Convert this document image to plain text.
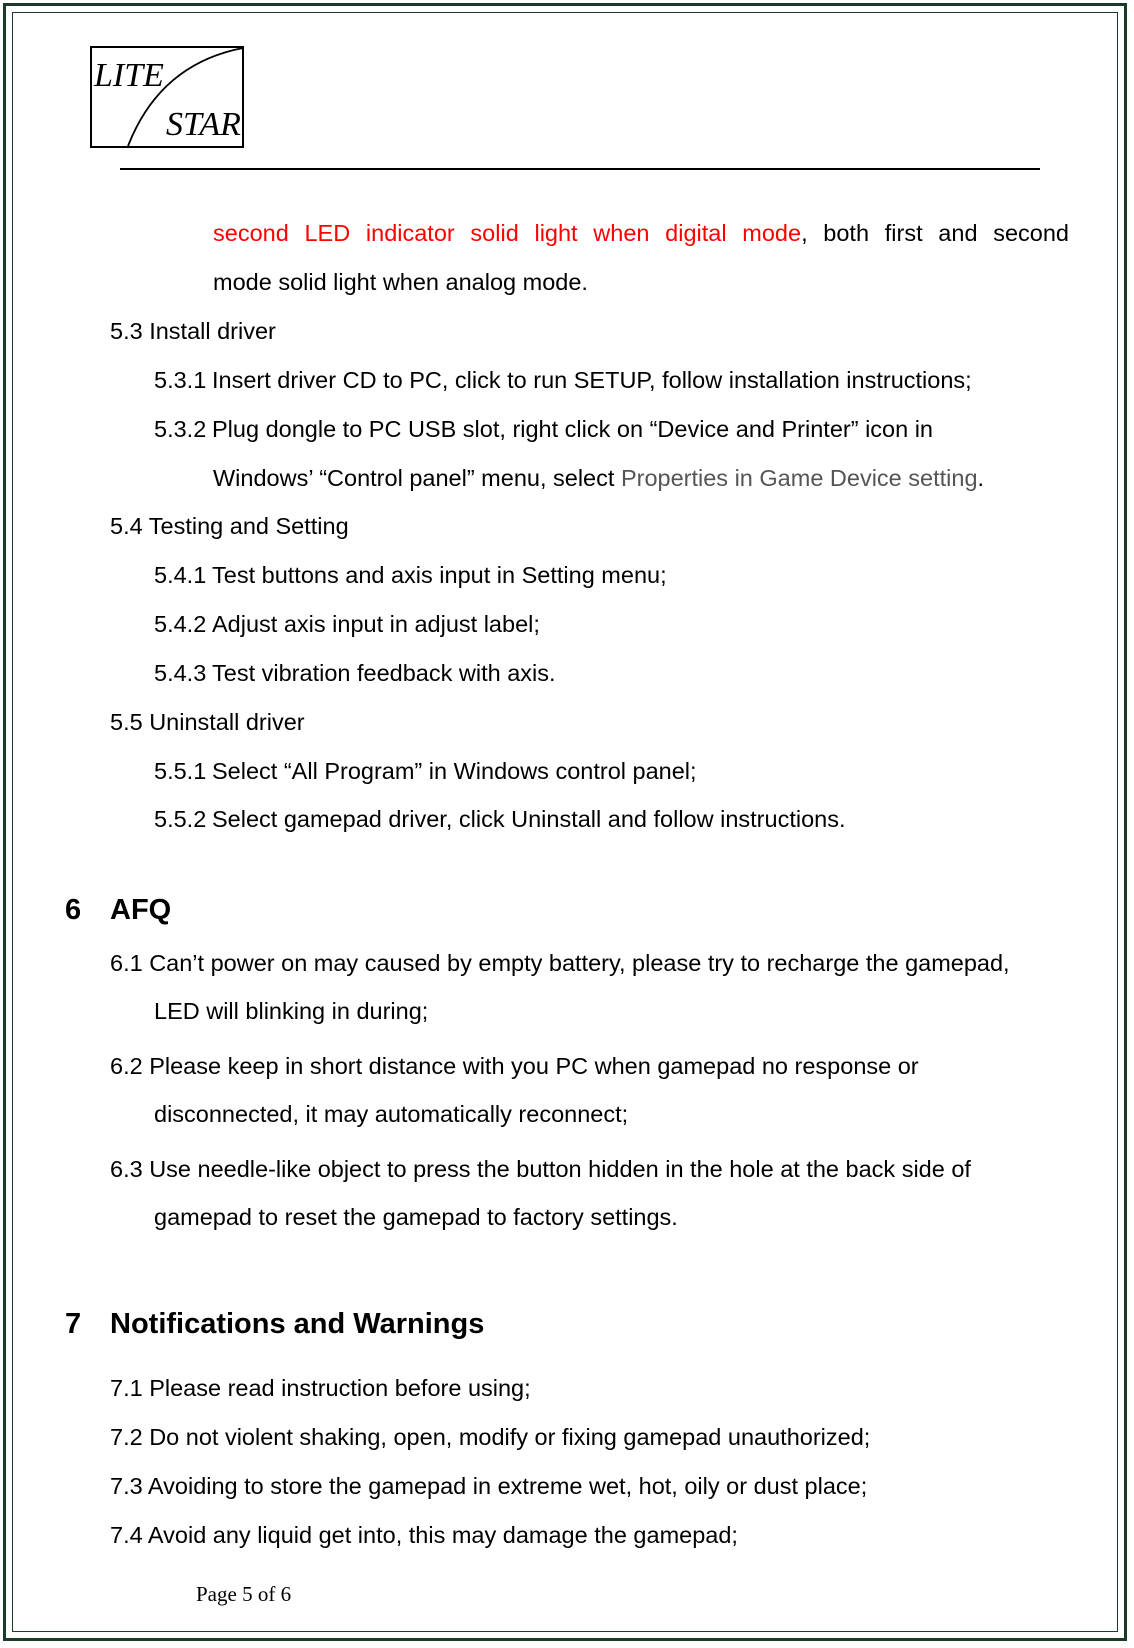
LITE
STAR
second LED indicator solid light when digital mode, both first and second
mode solid light when analog mode.
5.3 Install driver
5.3.1 Insert driver CD to PC, click to run SETUP, follow installation instructions;
5.3.2 Plug dongle to PC USB slot, right click on “Device and Printer” icon in
Windows’ “Control panel” menu, select Properties in Game Device setting.
5.4 Testing and Setting
5.4.1 Test buttons and axis input in Setting menu;
5.4.2 Adjust axis input in adjust label;
5.4.3 Test vibration feedback with axis.
5.5 Uninstall driver
5.5.1 Select “All Program” in Windows control panel;
5.5.2 Select gamepad driver, click Uninstall and follow instructions.
6 AFQ
6.1 Can’t power on may caused by empty battery, please try to recharge the gamepad,
LED will blinking in during;
6.2 Please keep in short distance with you PC when gamepad no response or
disconnected, it may automatically reconnect;
6.3 Use needle-like object to press the button hidden in the hole at the back side of
gamepad to reset the gamepad to factory settings.
7 Notifications and Warnings
7.1 Please read instruction before using;
7.2 Do not violent shaking, open, modify or fixing gamepad unauthorized;
7.3 Avoiding to store the gamepad in extreme wet, hot, oily or dust place;
7.4 Avoid any liquid get into, this may damage the gamepad;
Page 5 of 6
